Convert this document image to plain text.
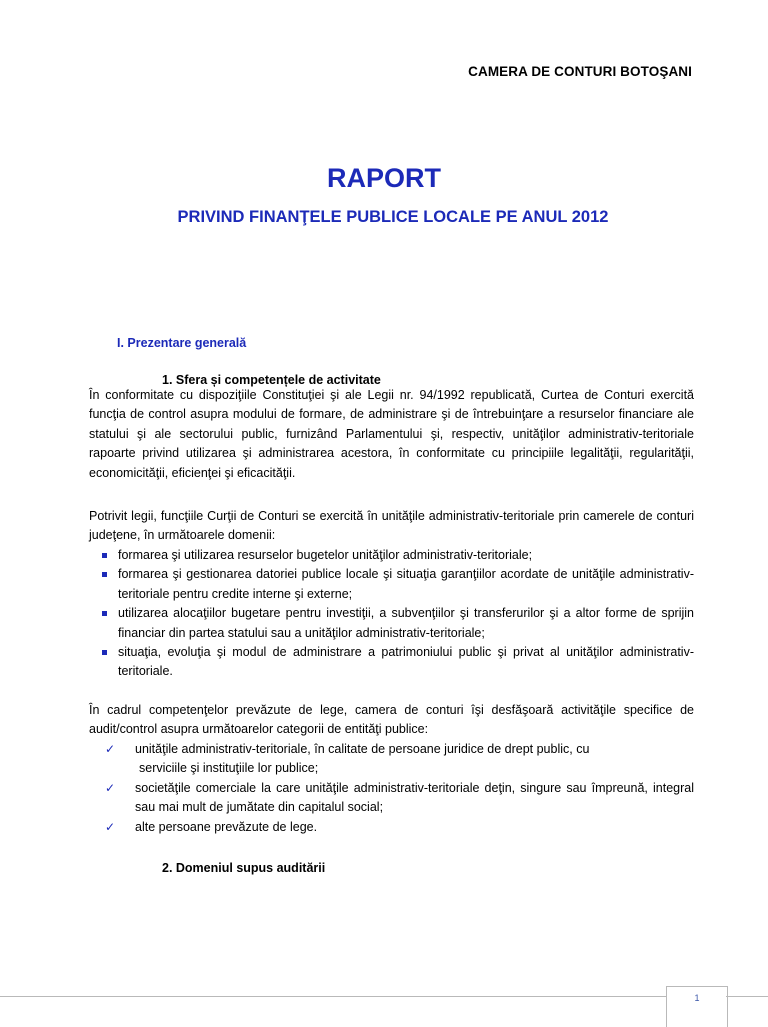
CAMERA DE CONTURI BOTOŞANI
RAPORT
PRIVIND FINANŢELE PUBLICE LOCALE PE ANUL 2012
I. Prezentare generală
1. Sfera și competențele de activitate
În conformitate cu dispoziţiile Constituţiei şi ale Legii nr. 94/1992 republicată, Curtea de Conturi exercită funcţia de control asupra modului de formare, de administrare şi de întrebuinţare a resurselor financiare ale statului şi ale sectorului public, furnizând Parlamentului şi, respectiv, unităţilor administrativ-teritoriale rapoarte privind utilizarea şi administrarea acestora, în conformitate cu principiile legalităţii, regularităţii, economicităţii, eficienţei şi eficacităţii.
Potrivit legii, funcţiile Curţii de Conturi se exercită în unităţile administrativ-teritoriale prin camerele de conturi judeţene, în următoarele domenii:
formarea şi utilizarea resurselor bugetelor unităţilor administrativ-teritoriale;
formarea şi gestionarea datoriei publice locale şi situaţia garanţiilor acordate de unităţile administrativ-teritoriale pentru credite interne şi externe;
utilizarea alocaţiilor bugetare pentru investiţii, a subvenţiilor şi transferurilor şi a altor forme de sprijin financiar din partea statului sau a unităţilor administrativ-teritoriale;
situaţia, evoluţia şi modul de administrare a patrimoniului public şi privat al unităţilor administrativ-teritoriale.
În cadrul competenţelor prevăzute de lege, camera de conturi îşi desfăşoară activităţile specifice de audit/control asupra următoarelor categorii de entităţi publice:
✓ unităţile administrativ-teritoriale, în calitate de persoane juridice de drept public, cu
serviciile şi instituţiile lor publice;
✓ societăţile comerciale la care unităţile administrativ-teritoriale deţin, singure sau împreună, integral sau mai mult de jumătate din capitalul social;
✓ alte persoane prevăzute de lege.
2. Domeniul supus auditării
1
